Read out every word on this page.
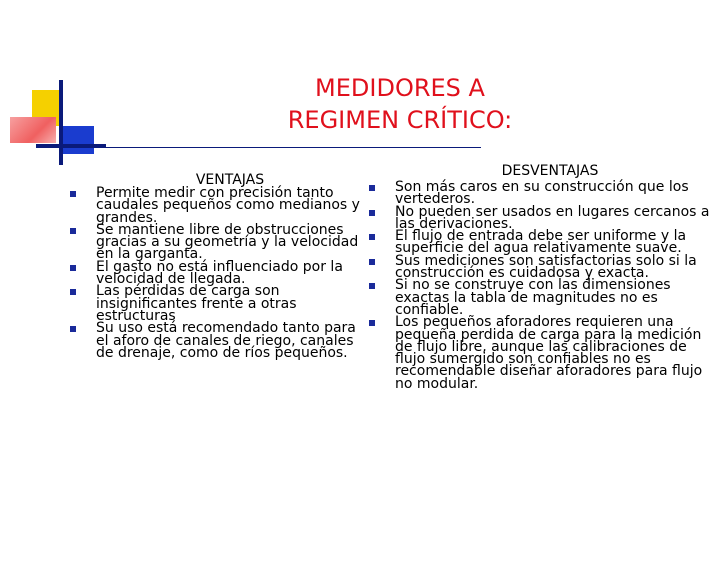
MEDIDORES A
REGIMEN CRÍTICO:
VENTAJAS
Permite medir con precisión tanto caudales pequeños como medianos y grandes.
Se mantiene libre de obstrucciones gracias a su geometría y la velocidad en la garganta.
El gasto no está influenciado por la velocidad de llegada.
Las pérdidas de carga son insignificantes frente a otras estructuras
Su uso está recomendado tanto para el aforo de canales de riego, canales de drenaje, como de ríos pequeños.
DESVENTAJAS
Son más caros en su construcción que los vertederos.
No pueden ser usados en lugares cercanos a las derivaciones.
El flujo de entrada debe ser uniforme y la superficie del agua relativamente suave.
Sus mediciones son satisfactorias solo si la construcción es cuidadosa y exacta.
Si no se construye con las dimensiones exactas la tabla de magnitudes no es confiable.
Los pequeños aforadores requieren una pequeña perdida de carga para la medición de flujo libre, aunque las calibraciones de flujo sumergido son confiables no es recomendable diseñar aforadores para flujo no modular.
